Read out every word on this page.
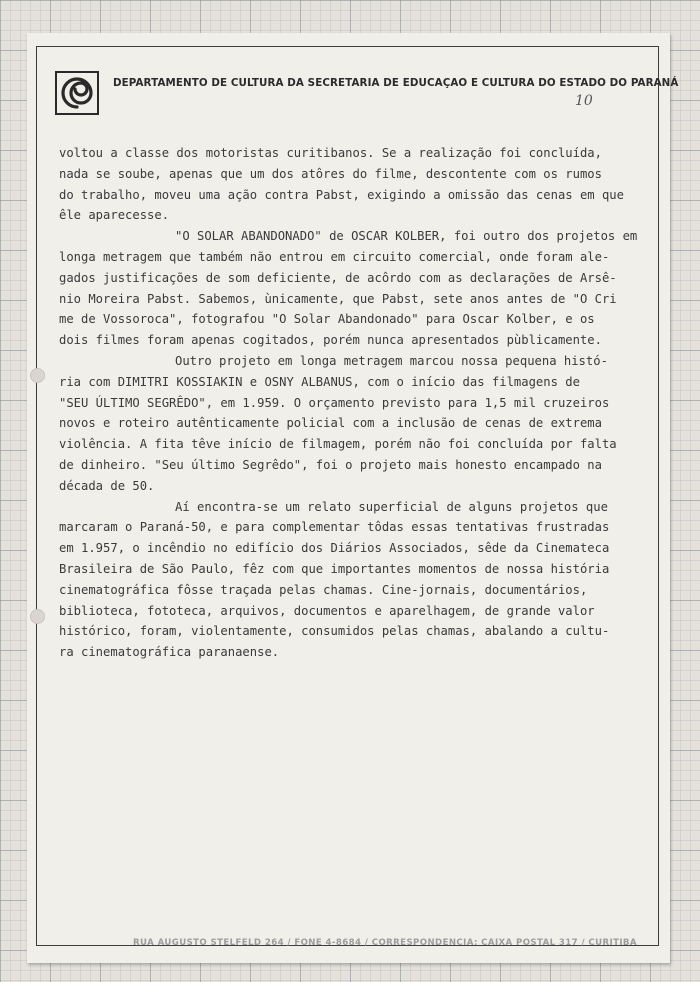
DEPARTAMENTO DE CULTURA DA SECRETARIA DE EDUCAÇAO E CULTURA DO ESTADO DO PARANÁ
10
voltou a classe dos motoristas curitibanos. Se a realização foi concluída,
nada se soube, apenas que um dos atôres do filme, descontente com os rumos
do trabalho, moveu uma ação contra Pabst, exigindo a omissão das cenas em que
êle aparecesse.
"O SOLAR ABANDONADO" de OSCAR KOLBER, foi outro dos projetos em
longa metragem que também não entrou em circuito comercial, onde foram ale-
gados justificações de som deficiente, de acôrdo com as declarações de Arsê-
nio Moreira Pabst. Sabemos, ùnicamente, que Pabst, sete anos antes de "O Cri
me de Vossoroca", fotografou "O Solar Abandonado" para Oscar Kolber, e os
dois filmes foram apenas cogitados, porém nunca apresentados pùblicamente.
Outro projeto em longa metragem marcou nossa pequena histó-
ria com DIMITRI KOSSIAKIN e OSNY ALBANUS, com o início das filmagens de
"SEU ÚLTIMO SEGRÊDO", em 1.959. O orçamento previsto para 1,5 mil cruzeiros
novos e roteiro autênticamente policial com a inclusão de cenas de extrema
violência. A fita têve início de filmagem, porém não foi concluída por falta
de dinheiro. "Seu último Segrêdo", foi o projeto mais honesto encampado na
década de 50.
Aí encontra-se um relato superficial de alguns projetos que
marcaram o Paraná-50, e para complementar tôdas essas tentativas frustradas
em 1.957, o incêndio no edifício dos Diários Associados, sêde da Cinemateca
Brasileira de São Paulo, fêz com que importantes momentos de nossa história
cinematográfica fôsse traçada pelas chamas. Cine-jornais, documentários,
biblioteca, fototeca, arquivos, documentos e aparelhagem, de grande valor
histórico, foram, violentamente, consumidos pelas chamas, abalando a cultu-
ra cinematográfica paranaense.
RUA AUGUSTO STELFELD 264 / FONE 4-8684 / CORRESPONDENCIA: CAIXA POSTAL 317 / CURITIBA
